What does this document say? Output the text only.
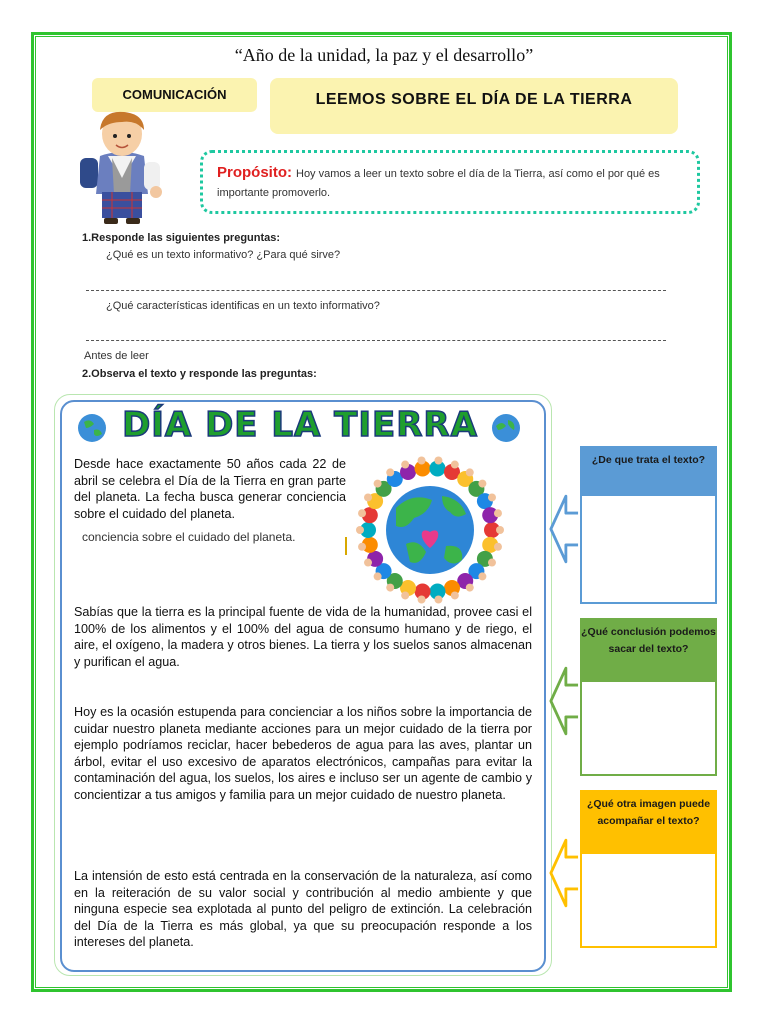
“Año de la unidad, la paz y el desarrollo”
COMUNICACIÓN	LEEMOS SOBRE EL DÍA DE LA TIERRA
Propósito: Hoy vamos a leer un texto sobre el día de la Tierra, así como el por qué es importante promoverlo.
1.Responde las siguientes preguntas:
¿Qué es un texto informativo? ¿Para qué sirve?
¿Qué características identificas en un texto informativo?
Antes de leer
2.Observa el texto y responde las preguntas:
DÍA DE LA TIERRA
Desde hace exactamente 50 años cada 22 de abril se celebra el Día de la Tierra en gran parte del planeta. La fecha busca generar conciencia sobre el cuidado del planeta.
conciencia sobre el cuidado del planeta.
Sabías que la tierra es la principal fuente de vida de la humanidad, provee casi el 100% de los alimentos y el 100% del agua de consumo humano y de riego, el aire, el oxígeno, la madera y otros bienes. La tierra y los suelos sanos almacenan y purifican el agua.
Hoy es la ocasión estupenda para concienciar a los niños sobre la importancia de cuidar nuestro planeta mediante acciones para un mejor cuidado de la tierra por ejemplo podríamos reciclar, hacer bebederos de agua para las aves, plantar un árbol, evitar el uso excesivo de aparatos electrónicos, campañas para evitar la contaminación del agua, los suelos, los aires e incluso ser un agente de cambio y concientizar a tus amigos y familia para un mejor cuidado de nuestro planeta.
La intensión de esto está centrada en la conservación de la naturaleza, así como en la reiteración de su valor social y contribución al medio ambiente y que ninguna especie sea explotada al punto del peligro de extinción. La celebración del Día de la Tierra es más global, ya que su preocupación responde a los intereses del planeta.
¿De que trata el texto?
¿Qué conclusión podemos sacar del texto?
¿Qué otra imagen puede acompañar el texto?
